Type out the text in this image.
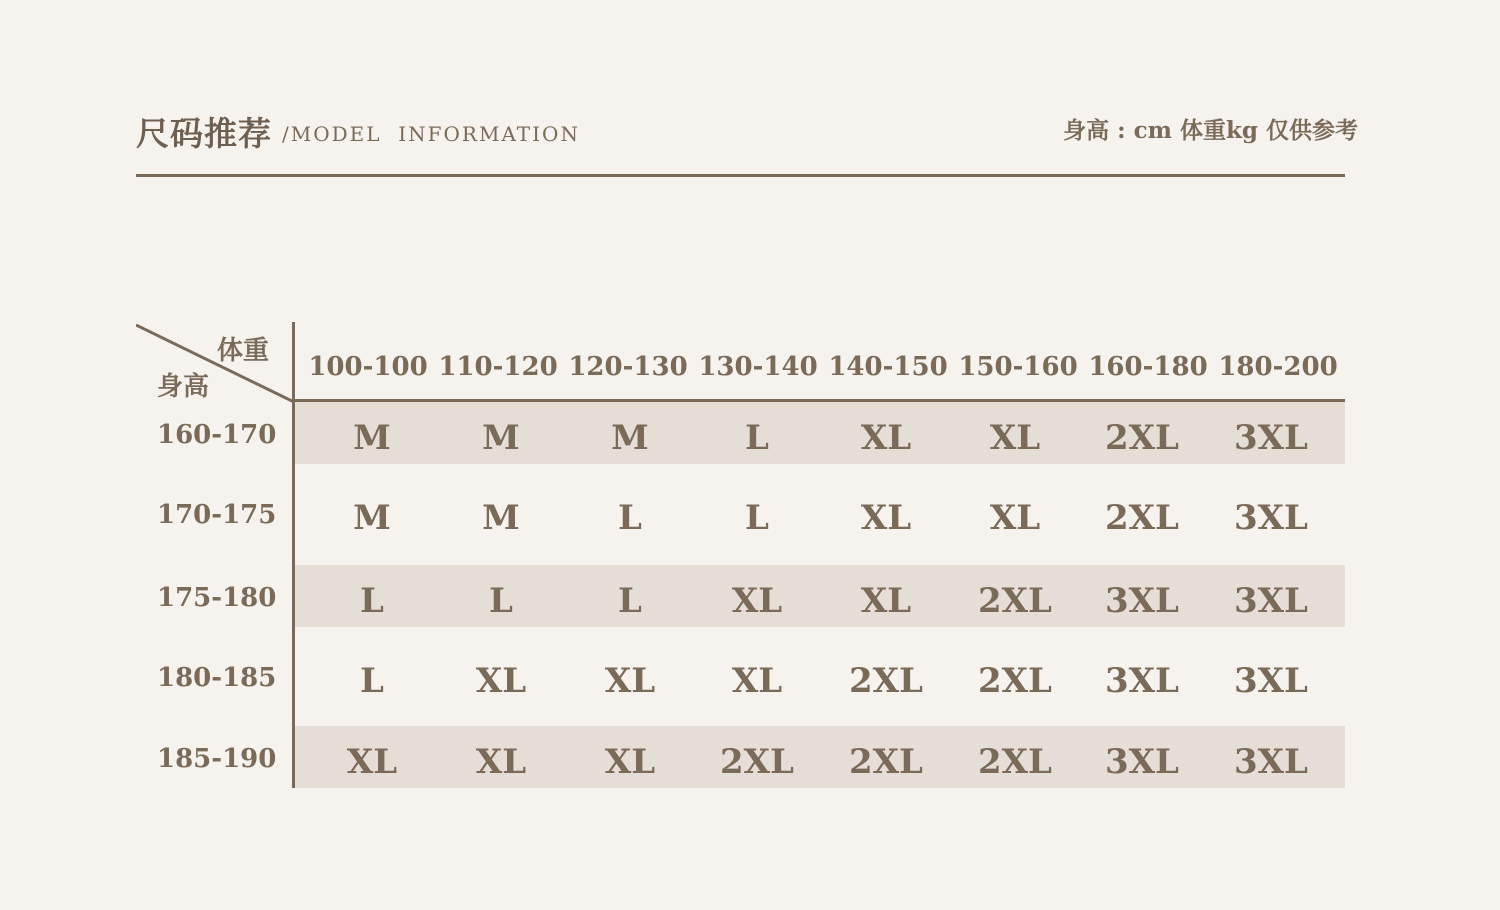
尺码推荐 /MODEL  INFORMATION	身高 : cm 体重kg 仅供参考
体重
身高
100-100 110-120 120-130 130-140 140-150 150-160 160-180 180-200
160-170	M	M	M	L	XL	XL	2XL	3XL
170-175	M	M	L	L	XL	XL	2XL	3XL
175-180	L	L	L	XL	XL	2XL	3XL	3XL
180-185	L	XL	XL	XL	2XL	2XL	3XL	3XL
185-190	XL	XL	XL	2XL	2XL	2XL	3XL	3XL
